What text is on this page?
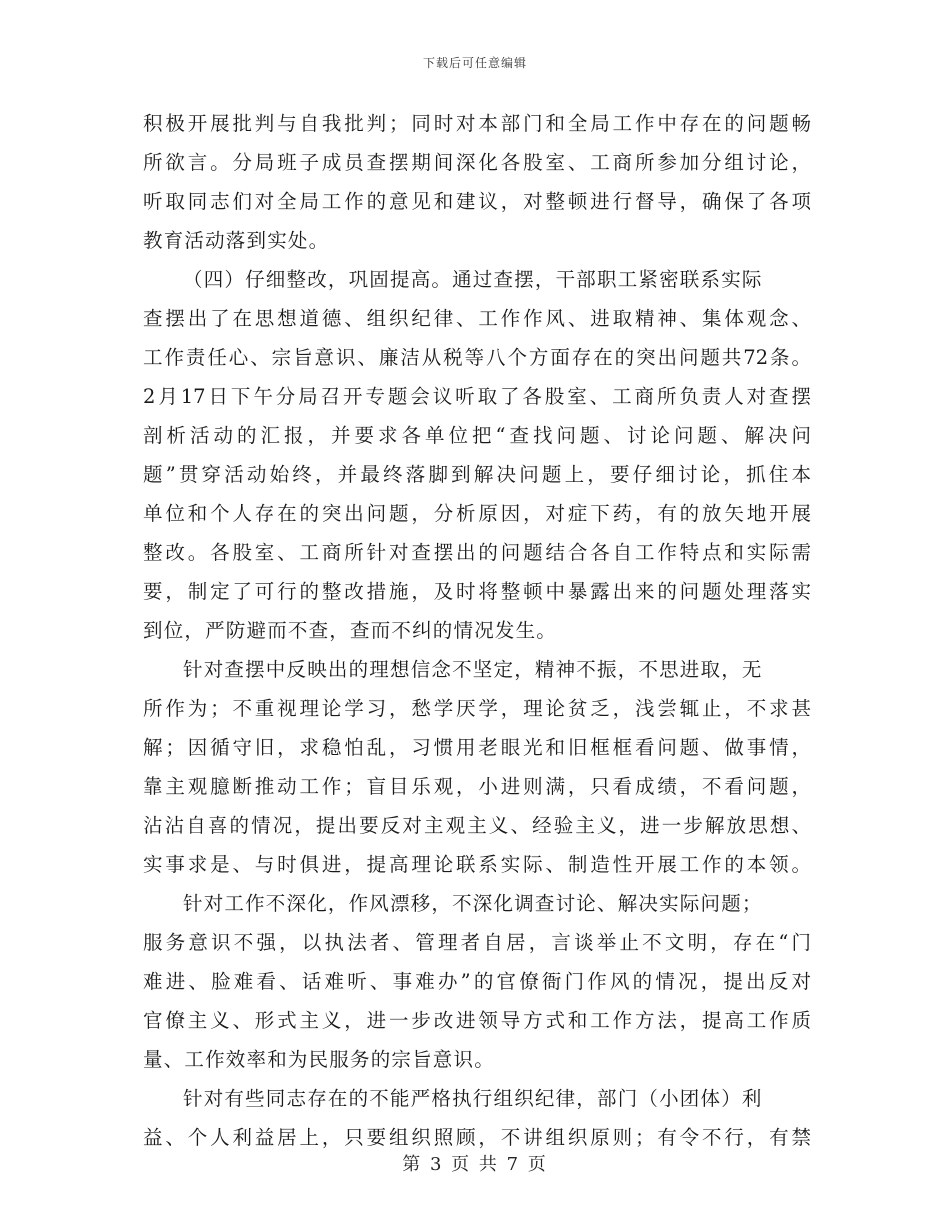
下载后可任意编辑
积极开展批判与自我批判；同时对本部门和全局工作中存在的问题畅
所欲言。分局班子成员查摆期间深化各股室、工商所参加分组讨论，
听取同志们对全局工作的意见和建议，对整顿进行督导，确保了各项
教育活动落到实处。
（四）仔细整改，巩固提高。通过查摆，干部职工紧密联系实际
查摆出了在思想道德、组织纪律、工作作风、进取精神、集体观念、
工作责任心、宗旨意识、廉洁从税等八个方面存在的突出问题共72条。
2月17日下午分局召开专题会议听取了各股室、工商所负责人对查摆
剖析活动的汇报，并要求各单位把“查找问题、讨论问题、解决问
题”贯穿活动始终，并最终落脚到解决问题上，要仔细讨论，抓住本
单位和个人存在的突出问题，分析原因，对症下药，有的放矢地开展
整改。各股室、工商所针对查摆出的问题结合各自工作特点和实际需
要，制定了可行的整改措施，及时将整顿中暴露出来的问题处理落实
到位，严防避而不查，查而不纠的情况发生。
针对查摆中反映出的理想信念不坚定，精神不振，不思进取，无
所作为；不重视理论学习，愁学厌学，理论贫乏，浅尝辄止，不求甚
解；因循守旧，求稳怕乱，习惯用老眼光和旧框框看问题、做事情，
靠主观臆断推动工作；盲目乐观，小进则满，只看成绩，不看问题，
沾沾自喜的情况，提出要反对主观主义、经验主义，进一步解放思想、
实事求是、与时俱进，提高理论联系实际、制造性开展工作的本领。
针对工作不深化，作风漂移，不深化调查讨论、解决实际问题；
服务意识不强，以执法者、管理者自居，言谈举止不文明，存在“门
难进、脸难看、话难听、事难办”的官僚衙门作风的情况，提出反对
官僚主义、形式主义，进一步改进领导方式和工作方法，提高工作质
量、工作效率和为民服务的宗旨意识。
针对有些同志存在的不能严格执行组织纪律，部门（小团体）利
益、个人利益居上，只要组织照顾，不讲组织原则；有令不行，有禁
第 3 页 共 7 页
